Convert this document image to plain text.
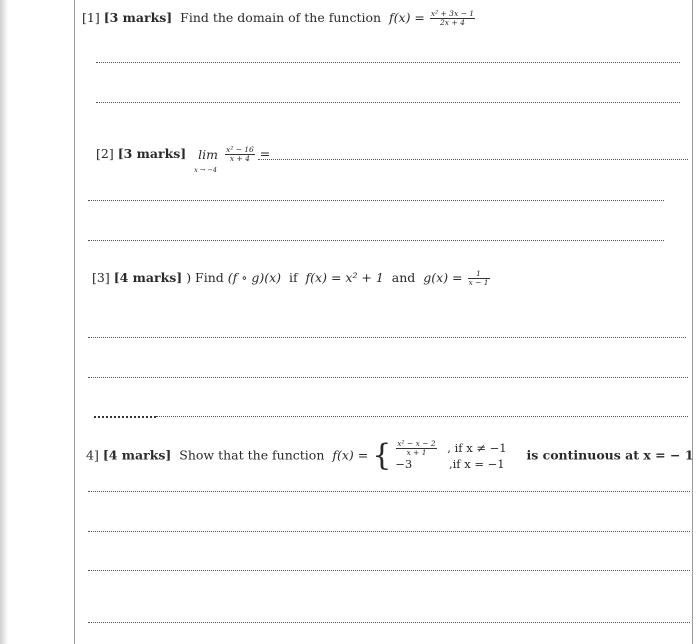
[1] [3 marks] Find the domain of the function $f(x) = \frac{\text{x² + 3x − 1}}{2x + 4}$
[2] [3 marks] lim
x → −4

$\frac{\text{x² − 16}}{x + 4}$ =
[3] [4 marks] ) Find (f ∘ g)(x) if f(x) = x² + 1 and $g(x) = \frac{1}{x - 1}$
4] [4 marks] Show that the function f(x) = { $\frac{\text{x² − x − 2}}{x + 1}$ , if x ≠ −1
−3	,if x = −1
is continuous at x = − 1
